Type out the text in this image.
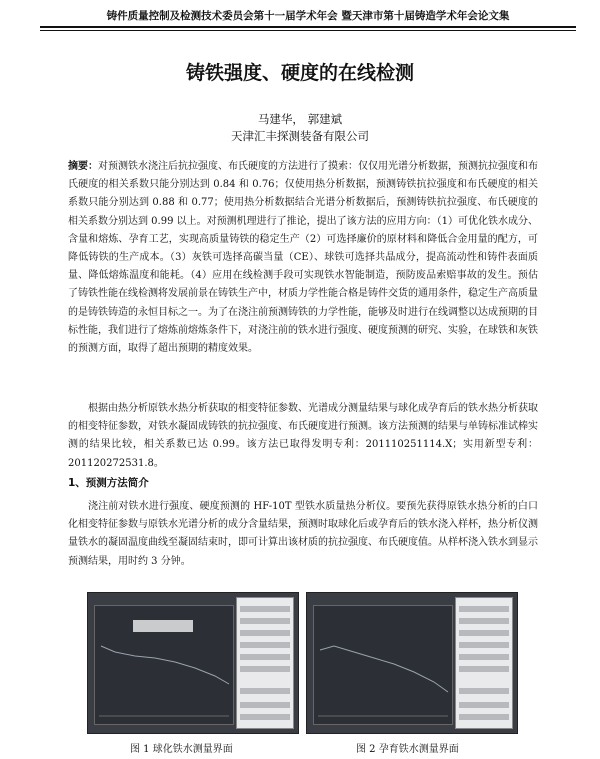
铸件质量控制及检测技术委员会第十一届学术年会 暨天津市第十届铸造学术年会论文集
铸铁强度、硬度的在线检测
马建华， 郭建斌
天津汇丰探测装备有限公司

摘要：对预测铁水浇注后抗拉强度、布氏硬度的方法进行了摸索：仅仅用光谱分析数据，预测抗拉强度和布氏硬度的相关系数只能分别达到 0.84 和 0.76；仅使用热分析数据，预测铸铁抗拉强度和布氏硬度的相关系数只能分别达到 0.88 和 0.77；使用热分析数据结合光谱分析数据后，预测铸铁抗拉强度、布氏硬度的相关系数分别达到 0.99 以上。对预测机理进行了推论，提出了该方法的应用方向：（1）可优化铁水成分、含量和熔炼、孕育工艺，实现高质量铸铁的稳定生产（2）可选择廉价的原材料和降低合金用量的配方，可降低铸铁的生产成本。（3）灰铁可选择高碳当量（CE）、球铁可选择共晶成分，提高流动性和铸件表面质量、降低熔炼温度和能耗。（4）应用在线检测手段可实现铁水智能制造，预防废品索赔事故的发生。预估了铸铁性能在线检测将发展前景在铸铁生产中，材质力学性能合格是铸件交货的通用条件，稳定生产高质量的是铸铁铸造的永恒目标之一。为了在浇注前预测铸铁的力学性能，能够及时进行在线调整以达成预期的目标性能，我们进行了熔炼前熔炼条件下，对浇注前的铁水进行强度、硬度预测的研究、实验，在球铁和灰铁的预测方面，取得了超出预期的精度效果。

根据由热分析原铁水热分析获取的相变特征参数、光谱成分测量结果与球化成孕育后的铁水热分析获取的相变特征参数，对铁水凝固成铸铁的抗拉强度、布氏硬度进行预测。该方法预测的结果与单铸标准试棒实测的结果比较，相关系数已达 0.99。该方法已取得发明专利：201110251114.X；实用新型专利：201120272531.8。

1、预测方法简介

浇注前对铁水进行强度、硬度预测的 HF-10T 型铁水质量热分析仪。要预先获得原铁水热分析的白口化相变特征参数与原铁水光谱分析的成分含量结果，预测时取球化后或孕育后的铁水浇入样杯，热分析仪测量铁水的凝固温度曲线至凝固结束时，即可计算出该材质的抗拉强度、布氏硬度值。从样杯浇入铁水到显示预测结果，用时约 3 分钟。

图 1 球化铁水测量界面	图 2 孕育铁水测量界面
